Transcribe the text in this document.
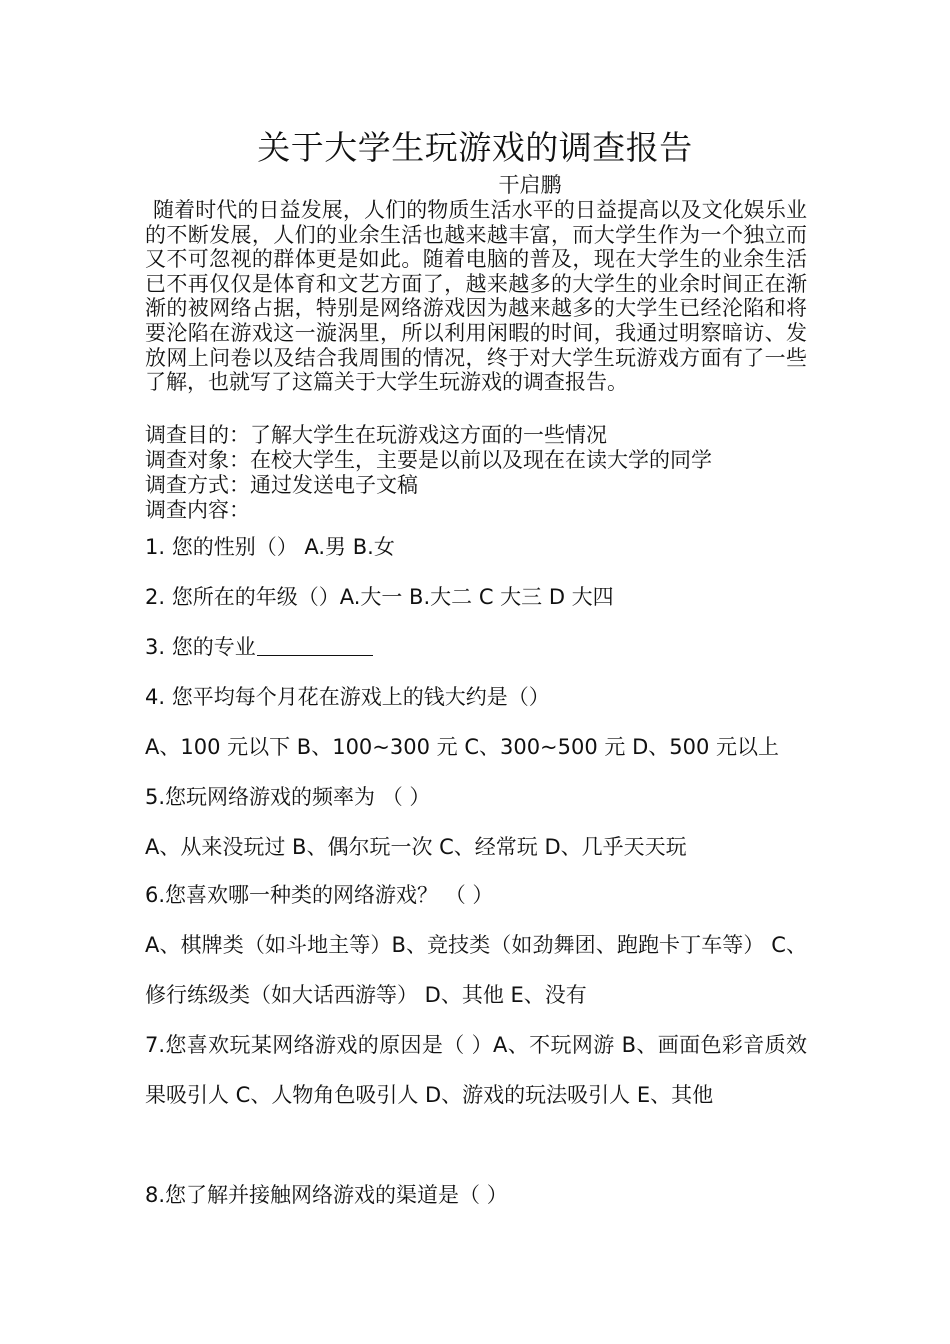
关于大学生玩游戏的调查报告
干启鹏

随着时代的日益发展，人们的物质生活水平的日益提高以及文化娱乐业的不断发展，人们的业余生活也越来越丰富，而大学生作为一个独立而又不可忽视的群体更是如此。随着电脑的普及，现在大学生的业余生活已不再仅仅是体育和文艺方面了，越来越多的大学生的业余时间正在渐渐的被网络占据，特别是网络游戏因为越来越多的大学生已经沦陷和将要沦陷在游戏这一漩涡里，所以利用闲暇的时间，我通过明察暗访、发放网上问卷以及结合我周围的情况，终于对大学生玩游戏方面有了一些了解，也就写了这篇关于大学生玩游戏的调查报告。

调查目的：了解大学生在玩游戏这方面的一些情况

调查对象：在校大学生，主要是以前以及现在在读大学的同学

调查方式：通过发送电子文稿

调查内容：

1. 您的性别（） A.男 B.女

2. 您所在的年级（）A.大一 B.大二 C 大三 D 大四

3. 您的专业

4. 您平均每个月花在游戏上的钱大约是（）

A、100 元以下 B、100~300 元 C、300~500 元 D、500 元以上

5.您玩网络游戏的频率为 （ ）

A、从来没玩过 B、偶尔玩一次 C、经常玩 D、几乎天天玩

6.您喜欢哪一种类的网络游戏？ （ ）

A、棋牌类（如斗地主等）B、竞技类（如劲舞团、跑跑卡丁车等） C、修行练级类（如大话西游等） D、其他 E、没有

7.您喜欢玩某网络游戏的原因是（ ）A、不玩网游 B、画面色彩音质效果吸引人 C、人物角色吸引人 D、游戏的玩法吸引人 E、其他

8.您了解并接触网络游戏的渠道是（ ）
